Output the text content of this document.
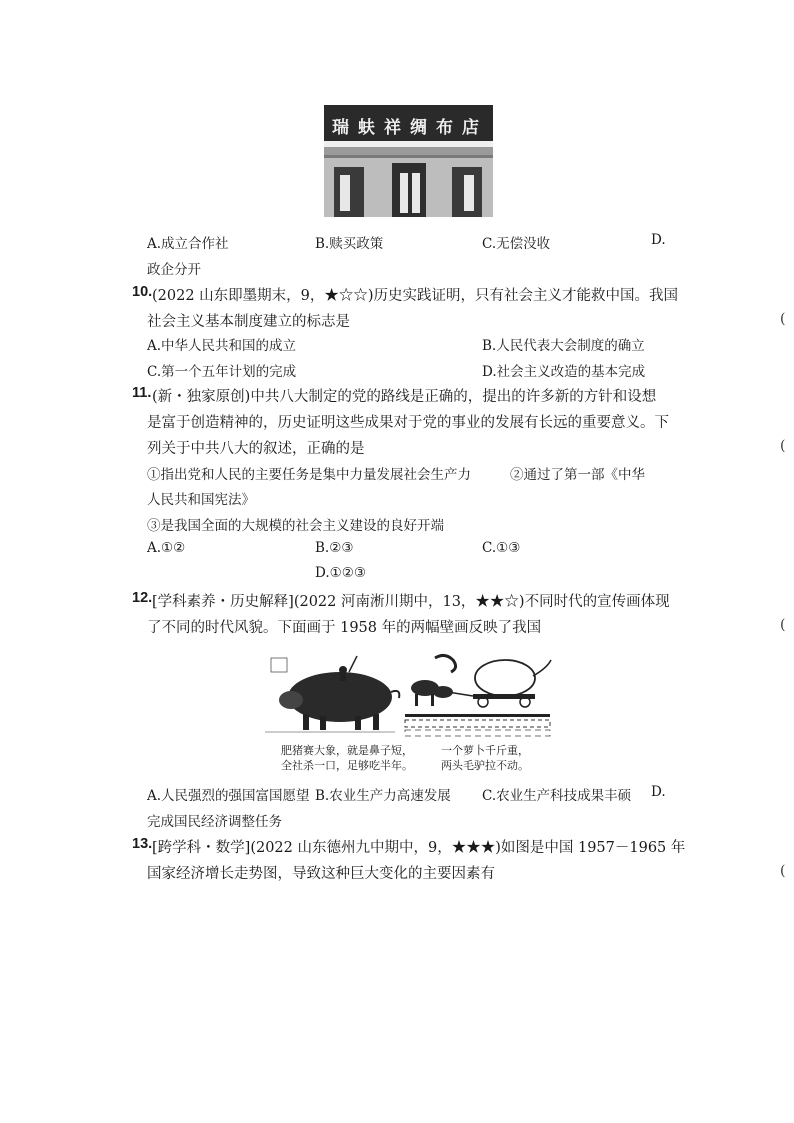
瑞蚨祥绸布店
A.成立合作社	B.赎买政策	C.无偿没收	D.
政企分开
10. (2022 山东即墨期末，9，★☆☆)历史实践证明，只有社会主义才能救中国。我国
社会主义基本制度建立的标志是	(
A.中华人民共和国的成立	B.人民代表大会制度的确立
C.第一个五年计划的完成	D.社会主义改造的基本完成
11. (新・独家原创)中共八大制定的党的路线是正确的，提出的许多新的方针和设想
是富于创造精神的，历史证明这些成果对于党的事业的发展有长远的重要意义。下
列关于中共八大的叙述，正确的是	(
①指出党和人民的主要任务是集中力量发展社会生产力	②通过了第一部《中华
人民共和国宪法》
③是我国全面的大规模的社会主义建设的良好开端
A.①②	B.②③	C.①③
D.①②③
12. [学科素养・历史解释](2022 河南淅川期中，13，★★☆)不同时代的宣传画体现
了不同的时代风貌。下面画于 1958 年的两幅壁画反映了我国	(
肥猪赛大象，就是鼻子短，
全社杀一口，足够吃半年。
一个萝卜千斤重，
两头毛驴拉不动。
A.人民强烈的强国富国愿望 B.农业生产力高速发展 C.农业生产科技成果丰硕 D.
完成国民经济调整任务
13. [跨学科・数学](2022 山东德州九中期中，9，★★★)如图是中国 1957－1965 年
国家经济增长走势图，导致这种巨大变化的主要因素有	(
